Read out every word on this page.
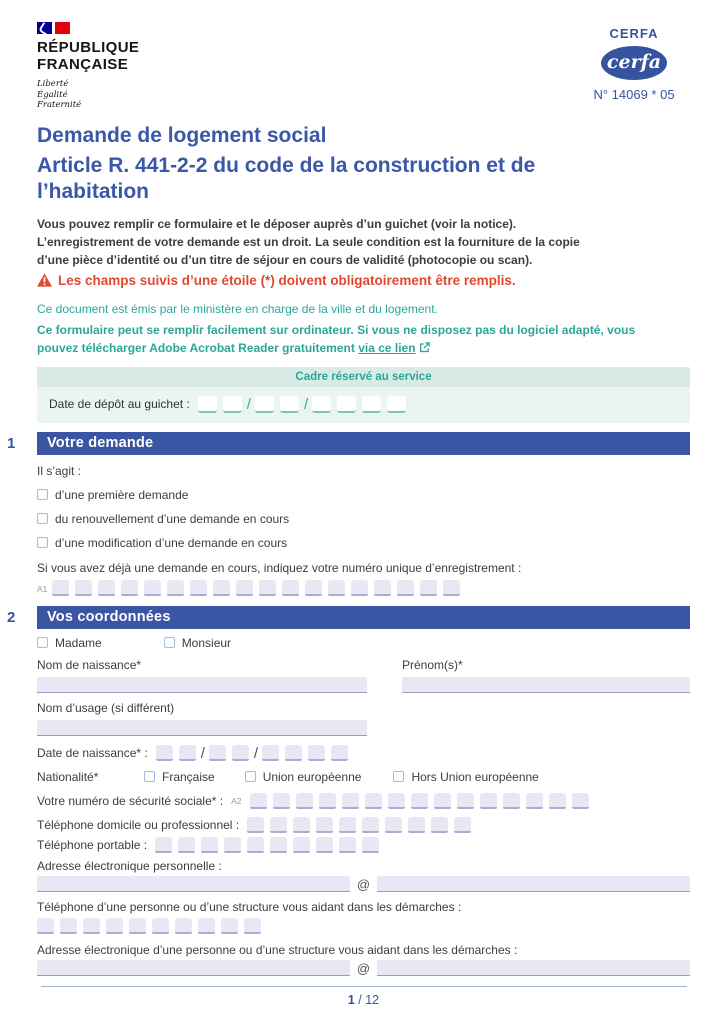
RÉPUBLIQUE
FRANÇAISE
Liberté
Égalité
Fraternité
CERFA
cerfa
N° 14069 * 05
Demande de logement social
Article R. 441-2-2 du code de la construction et de l’habitation
Vous pouvez remplir ce formulaire et le déposer auprès d’un guichet (voir la notice).
L’enregistrement de votre demande est un droit. La seule condition est la fourniture de la copie
d’une pièce d’identité ou d’un titre de séjour en cours de validité (photocopie ou scan).
Les champs suivis d’une étoile (*) doivent obligatoirement être remplis.

Ce document est émis par le ministère en charge de la ville et du logement.

Ce formulaire peut se remplir facilement sur ordinateur. Si vous ne disposez pas du logiciel adapté, vous pouvez télécharger Adobe Acrobat Reader gratuitement via ce lien

Cadre réservé au service
Date de dépôt au guichet :	/	/
1	Votre demande
Il s’agit :
d’une première demande
du renouvellement d’une demande en cours
d’une modification d’une demande en cours
Si vous avez déjà une demande en cours, indiquez votre numéro unique d’enregistrement :
A1
2	Vos coordonnées
Madame	Monsieur
Nom de naissance*	Prénom(s)*
Nom d’usage (si différent)
Date de naissance* :	/	/
Nationalité*	Française	Union européenne	Hors Union européenne
Votre numéro de sécurité sociale* : A2
Téléphone domicile ou professionnel :
Téléphone portable :
Adresse électronique personnelle :
@
Téléphone d’une personne ou d’une structure vous aidant dans les démarches :
Adresse électronique d’une personne ou d’une structure vous aidant dans les démarches :
@
1 / 12
